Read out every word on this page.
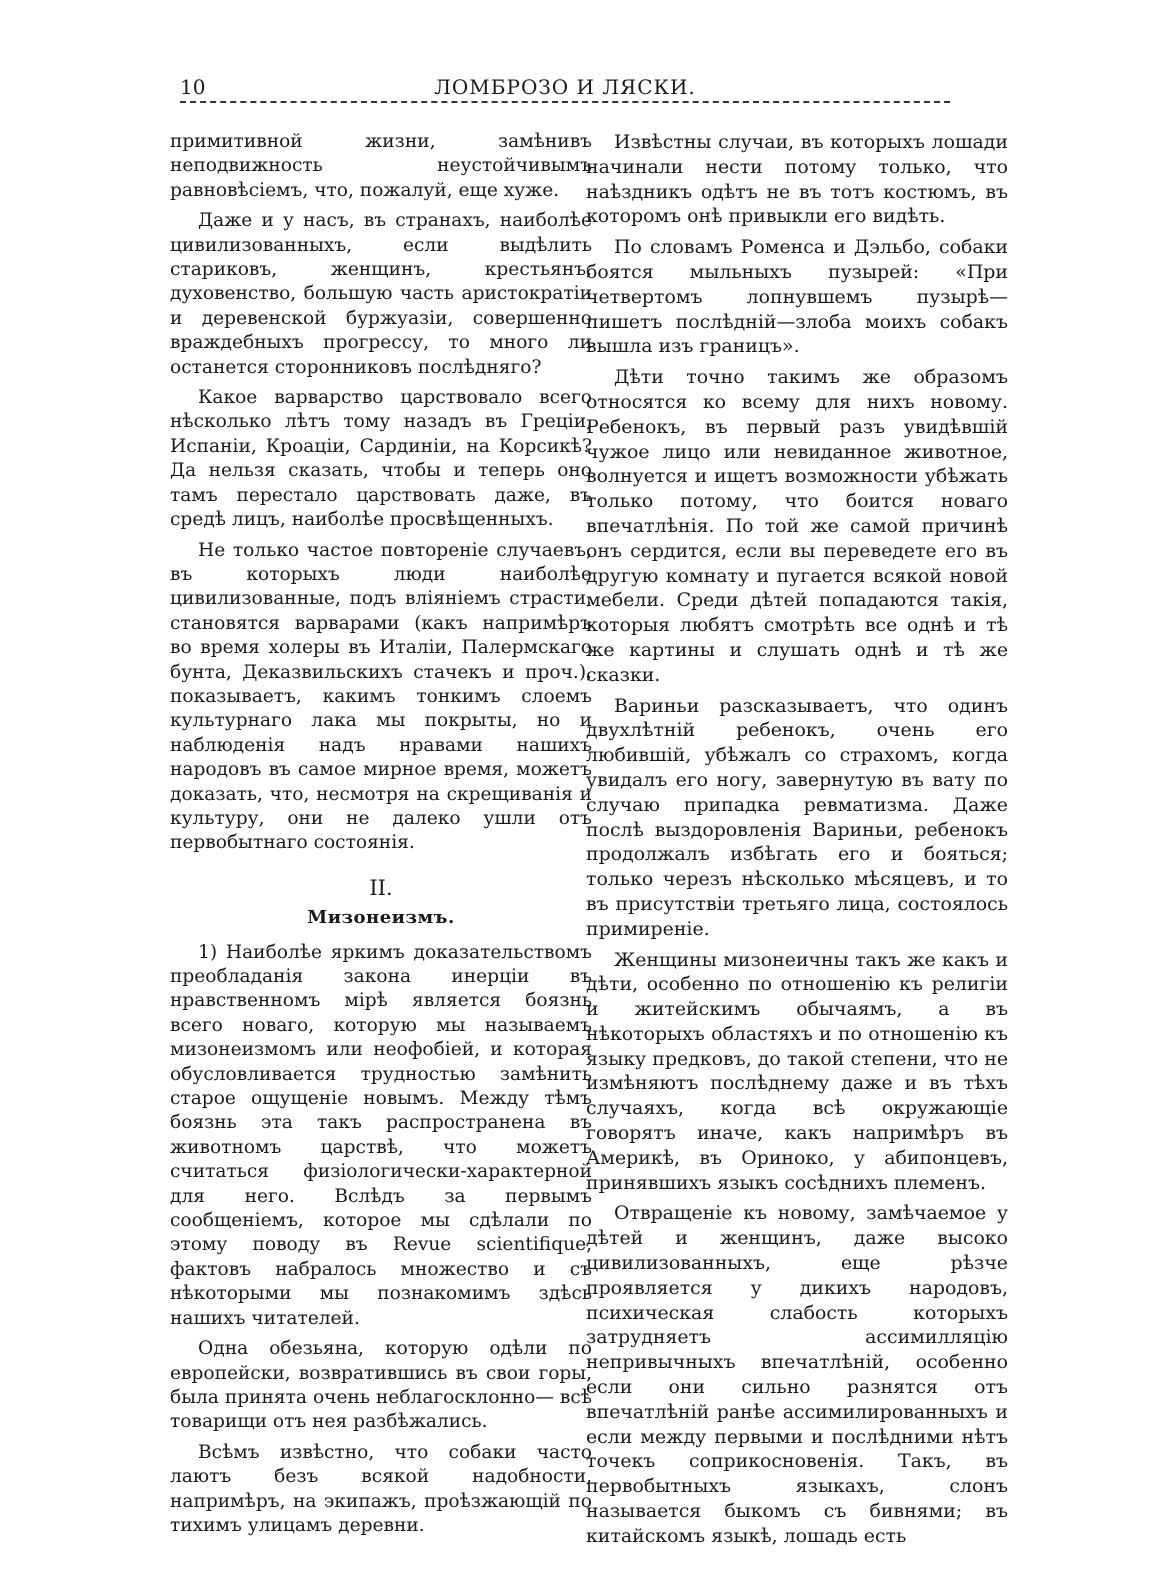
10	ЛОМБРОЗО И ЛЯСКИ.

примитивной жизни, замѣнивъ неподвижность неустойчивымъ равновѣсіемъ, что, пожалуй, еще хуже.

Даже и у насъ, въ странахъ, наиболѣе цивилизованныхъ, если выдѣлить стариковъ, женщинъ, крестьянъ, духовенство, большую часть аристократіи и деревенской буржуазіи, совершенно враждебныхъ прогрессу, то много ли останется сторонниковъ послѣдняго?

Какое варварство царствовало всего нѣсколько лѣтъ тому назадъ въ Греціи, Испаніи, Кроаціи, Сардиніи, на Корсикѣ? Да нельзя сказать, чтобы и теперь оно тамъ перестало царствовать даже, въ средѣ лицъ, наиболѣе просвѣщенныхъ.

Не только частое повтореніе случаевъ, въ которыхъ люди наиболѣе цивилизованные, подъ вліяніемъ страсти, становятся варварами (какъ напримѣръ во время холеры въ Италіи, Палермскаго бунта, Деказвильскихъ стачекъ и проч.), показываетъ, какимъ тонкимъ слоемъ культурнаго лака мы покрыты, но и наблюденія надъ нравами нашихъ народовъ въ самое мирное время, можетъ доказать, что, несмотря на скрещиванія и культуру, они не далеко ушли отъ первобытнаго состоянія.

II.
Мизонеизмъ.

1) Наиболѣе яркимъ доказательствомъ преобладанія закона инерціи въ нравственномъ мірѣ является боязнь всего новаго, которую мы называемъ мизонеизмомъ или неофобіей, и которая обусловливается трудностью замѣнить старое ощущеніе новымъ. Между тѣмъ боязнь эта такъ распространена въ животномъ царствѣ, что можетъ считаться физіологически-характерной для него. Вслѣдъ за первымъ сообщеніемъ, которое мы сдѣлали по этому поводу въ Revue scientifique, фактовъ набралось множество и съ нѣкоторыми мы познакомимъ здѣсь нашихъ читателей.

Одна обезьяна, которую одѣли по европейски, возвратившись въ свои горы, была принята очень неблагосклонно— всѣ товарищи отъ нея разбѣжались.

Всѣмъ извѣстно, что собаки часто лаютъ безъ всякой надобности, напримѣръ, на экипажъ, проѣзжающій по тихимъ улицамъ деревни.

Извѣстны случаи, въ которыхъ лошади начинали нести потому только, что наѣздникъ одѣтъ не въ тотъ костюмъ, въ которомъ онѣ привыкли его видѣть.

По словамъ Роменса и Дэльбо, собаки боятся мыльныхъ пузырей: «При четвертомъ лопнувшемъ пузырѣ—пишетъ послѣдній—злоба моихъ собакъ вышла изъ границъ».

Дѣти точно такимъ же образомъ относятся ко всему для нихъ новому. Ребенокъ, въ первый разъ увидѣвшій чужое лицо или невиданное животное, волнуется и ищетъ возможности убѣжать только потому, что боится новаго впечатлѣнія. По той же самой причинѣ онъ сердится, если вы переведете его въ другую комнату и пугается всякой новой мебели. Среди дѣтей попадаются такія, которыя любятъ смотрѣть все однѣ и тѣ же картины и слушать однѣ и тѣ же сказки.

Вариньи разсказываетъ, что одинъ двухлѣтній ребенокъ, очень его любившій, убѣжалъ со страхомъ, когда увидалъ его ногу, завернутую въ вату по случаю припадка ревматизма. Даже послѣ выздоровленія Вариньи, ребенокъ продолжалъ избѣгать его и бояться; только черезъ нѣсколько мѣсяцевъ, и то въ присутствіи третьяго лица, состоялось примиреніе.

Женщины мизонеичны такъ же какъ и дѣти, особенно по отношенію къ религіи и житейскимъ обычаямъ, а въ нѣкоторыхъ областяхъ и по отношенію къ языку предковъ, до такой степени, что не измѣняютъ послѣднему даже и въ тѣхъ случаяхъ, когда всѣ окружающіе говорятъ иначе, какъ напримѣръ въ Америкѣ, въ Ориноко, у абипонцевъ, принявшихъ языкъ сосѣднихъ племенъ.

Отвращеніе къ новому, замѣчаемое у дѣтей и женщинъ, даже высоко цивилизованныхъ, еще рѣзче проявляется у дикихъ народовъ, психическая слабость которыхъ затрудняетъ ассимилляцію непривычныхъ впечатлѣній, особенно если они сильно разнятся отъ впечатлѣній ранѣе ассимилированныхъ и если между первыми и послѣдними нѣтъ точекъ соприкосновенія. Такъ, въ первобытныхъ языкахъ, слонъ называется быкомъ съ бивнями; въ китайскомъ языкѣ, лошадь есть
